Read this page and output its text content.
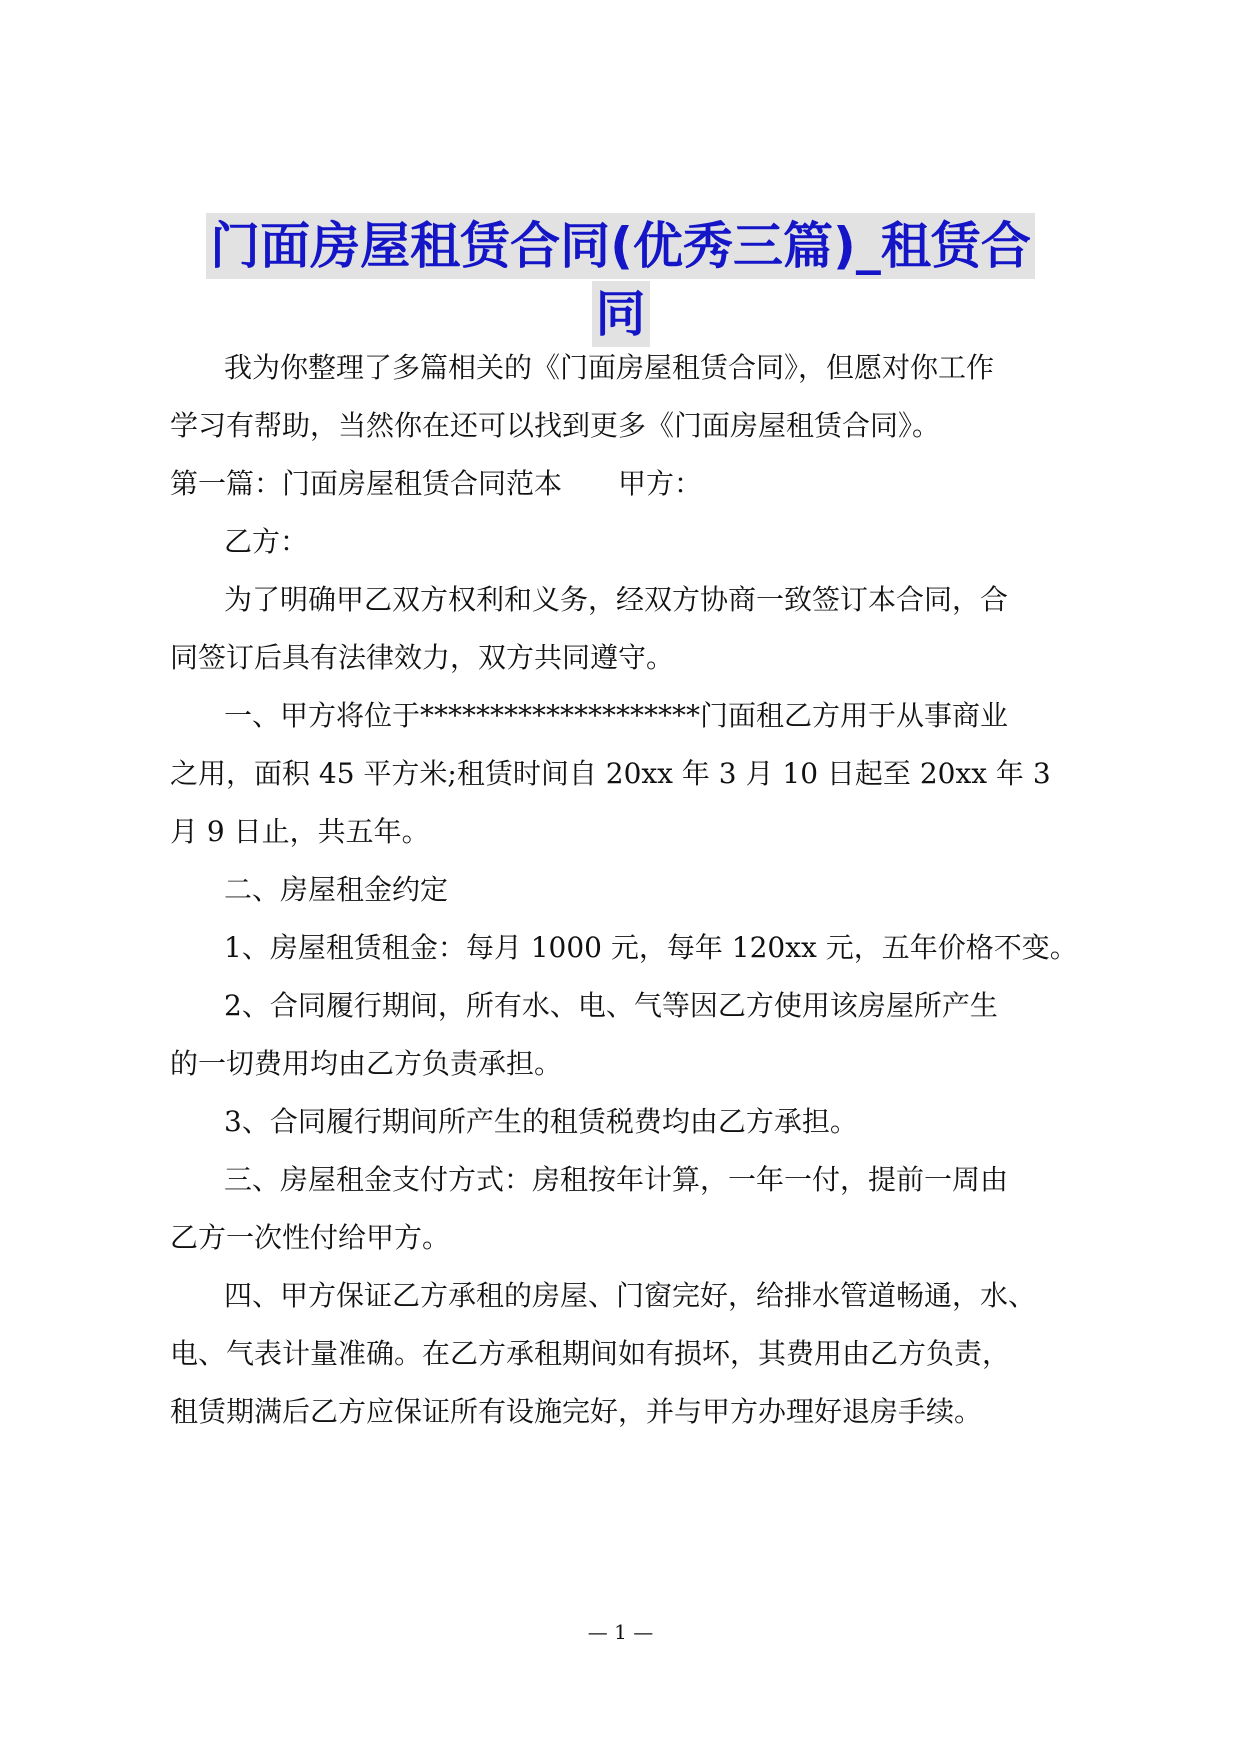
门面房屋租赁合同(优秀三篇)_租赁合
同
我为你整理了多篇相关的《门面房屋租赁合同》，但愿对你工作
学习有帮助，当然你在还可以找到更多《门面房屋租赁合同》。
第一篇：门面房屋租赁合同范本 甲方：
乙方：
为了明确甲乙双方权利和义务，经双方协商一致签订本合同，合
同签订后具有法律效力，双方共同遵守。
一、甲方将位于********************门面租乙方用于从事商业
之用，面积 45 平方米;租赁时间自 20xx 年 3 月 10 日起至 20xx 年 3
月 9 日止，共五年。
二、房屋租金约定
1、房屋租赁租金：每月 1000 元，每年 120xx 元，五年价格不变。
2、合同履行期间，所有水、电、气等因乙方使用该房屋所产生
的一切费用均由乙方负责承担。
3、合同履行期间所产生的租赁税费均由乙方承担。
三、房屋租金支付方式：房租按年计算，一年一付，提前一周由
乙方一次性付给甲方。
四、甲方保证乙方承租的房屋、门窗完好，给排水管道畅通，水、
电、气表计量准确。在乙方承租期间如有损坏，其费用由乙方负责，
租赁期满后乙方应保证所有设施完好，并与甲方办理好退房手续。
— 1 —
